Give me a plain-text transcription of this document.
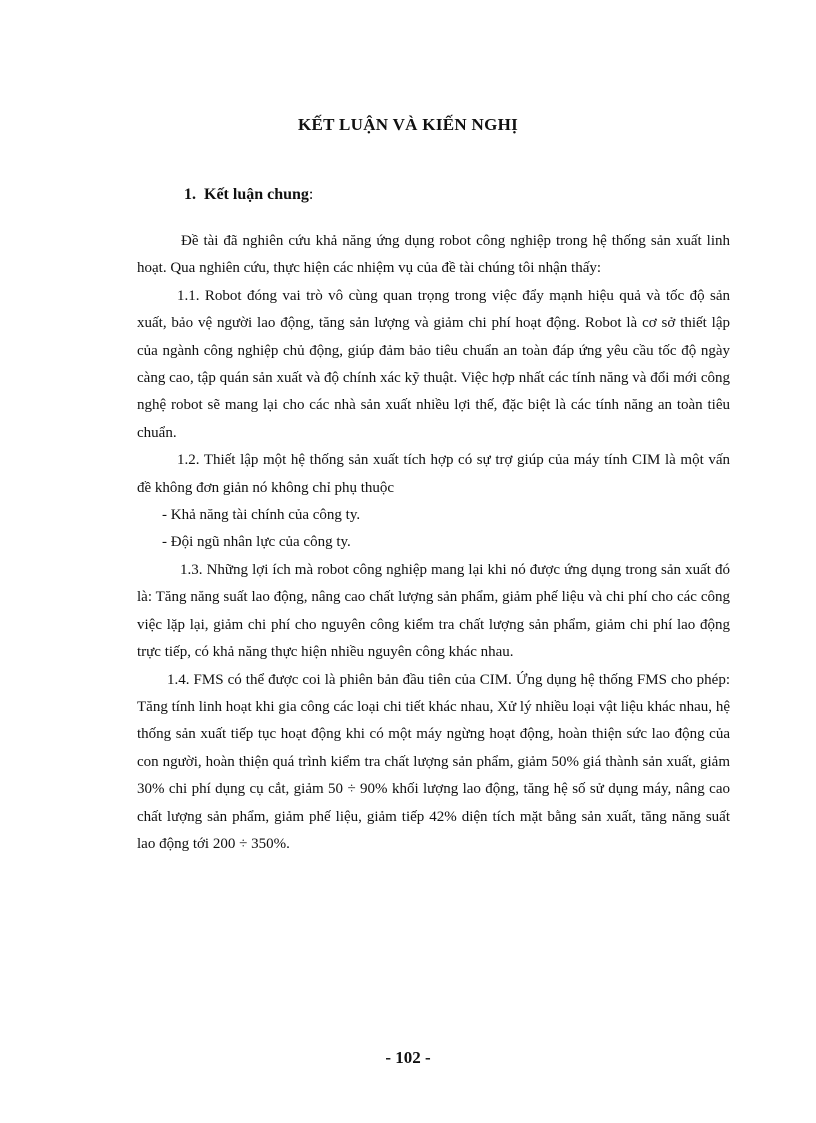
KẾT LUẬN VÀ KIẾN NGHỊ
1. Kết luận chung:

Đề tài đã nghiên cứu khả năng ứng dụng robot công nghiệp trong hệ thống sản xuất linh hoạt. Qua nghiên cứu, thực hiện các nhiệm vụ của đề tài chúng tôi nhận thấy:

1.1. Robot đóng vai trò vô cùng quan trọng trong việc đẩy mạnh hiệu quả và tốc độ sản xuất, bảo vệ người lao động, tăng sản lượng và giảm chi phí hoạt động. Robot là cơ sở thiết lập của ngành công nghiệp chủ động, giúp đảm bảo tiêu chuẩn an toàn đáp ứng yêu cầu tốc độ ngày càng cao, tập quán sản xuất và độ chính xác kỹ thuật. Việc hợp nhất các tính năng và đổi mới công nghệ robot sẽ mang lại cho các nhà sản xuất nhiều lợi thế, đặc biệt là các tính năng an toàn tiêu chuẩn.

1.2. Thiết lập một hệ thống sản xuất tích hợp có sự trợ giúp của máy tính CIM là một vấn đề không đơn giản nó không chỉ phụ thuộc

- Khả năng tài chính của công ty.

- Đội ngũ nhân lực của công ty.

1.3. Những lợi ích mà robot công nghiệp mang lại khi nó được ứng dụng trong sản xuất đó là: Tăng năng suất lao động, nâng cao chất lượng sản phẩm, giảm phế liệu và chi phí cho các công việc lặp lại, giảm chi phí cho nguyên công kiểm tra chất lượng sản phẩm, giảm chi phí lao động trực tiếp, có khả năng thực hiện nhiều nguyên công khác nhau.

1.4. FMS có thể được coi là phiên bản đầu tiên của CIM. Ứng dụng hệ thống FMS cho phép: Tăng tính linh hoạt khi gia công các loại chi tiết khác nhau, Xử lý nhiều loại vật liệu khác nhau, hệ thống sản xuất tiếp tục hoạt động khi có một máy ngừng hoạt động, hoàn thiện sức lao động của con người, hoàn thiện quá trình kiểm tra chất lượng sản phẩm, giảm 50% giá thành sản xuất, giảm 30% chi phí dụng cụ cắt, giảm 50 ÷ 90% khối lượng lao động, tăng hệ số sử dụng máy, nâng cao chất lượng sản phẩm, giảm phế liệu, giảm tiếp 42% diện tích mặt bằng sản xuất, tăng năng suất lao động tới 200 ÷ 350%.

- 102 -
